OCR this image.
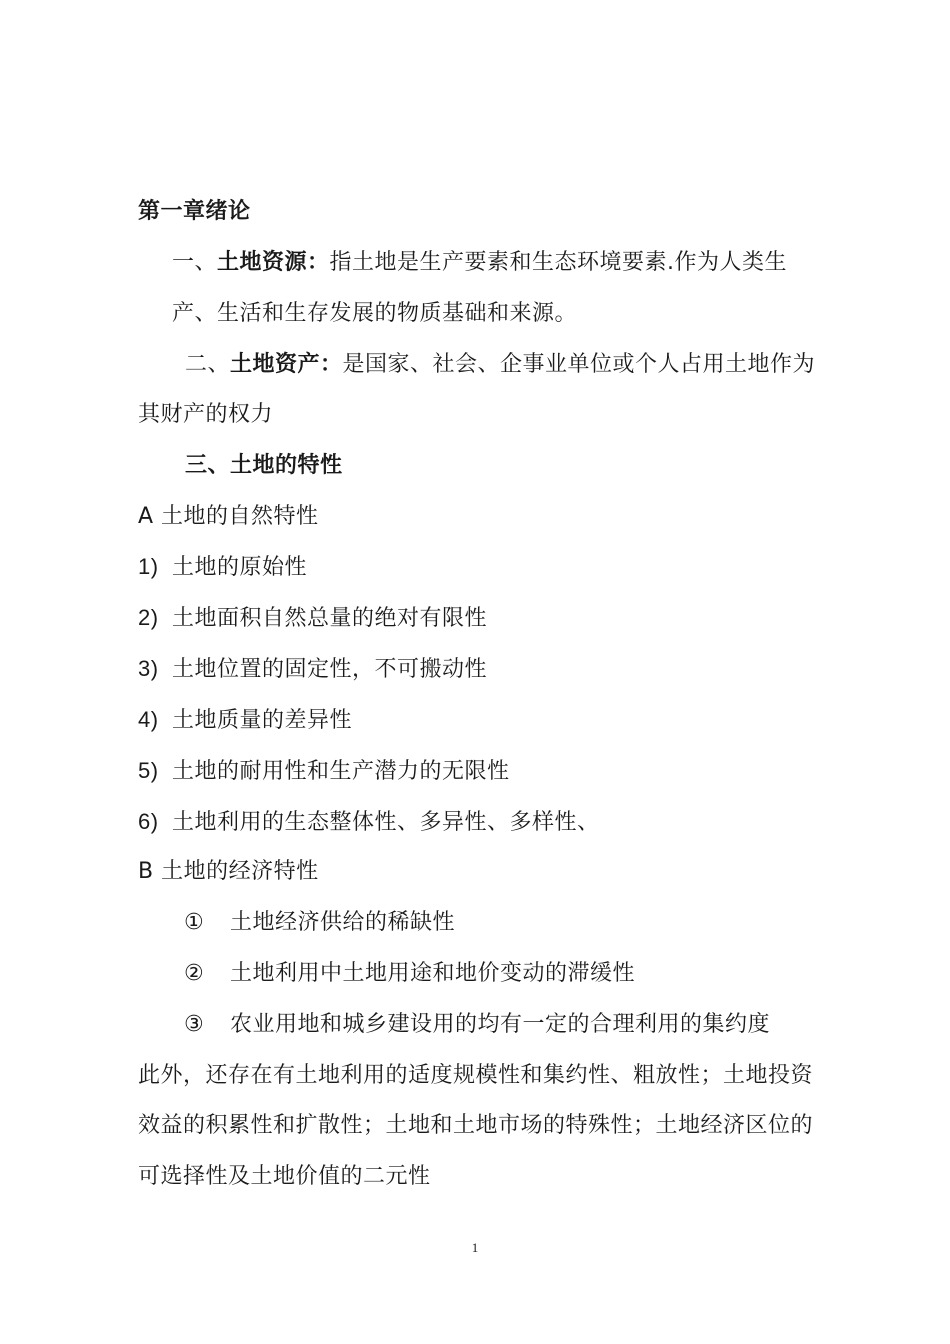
第一章绪论
一、土地资源：指土地是生产要素和生态环境要素.作为人类生
产、生活和生存发展的物质基础和来源。
二、土地资产：是国家、社会、企事业单位或个人占用土地作为
其财产的权力
三、土地的特性
A 土地的自然特性
1) 土地的原始性
2) 土地面积自然总量的绝对有限性
3) 土地位置的固定性，不可搬动性
4) 土地质量的差异性
5) 土地的耐用性和生产潜力的无限性
6) 土地利用的生态整体性、多异性、多样性、
B 土地的经济特性
① 土地经济供给的稀缺性
② 土地利用中土地用途和地价变动的滞缓性
③ 农业用地和城乡建设用的均有一定的合理利用的集约度
此外，还存在有土地利用的适度规模性和集约性、粗放性；土地投资
效益的积累性和扩散性；土地和土地市场的特殊性；土地经济区位的
可选择性及土地价值的二元性
1
